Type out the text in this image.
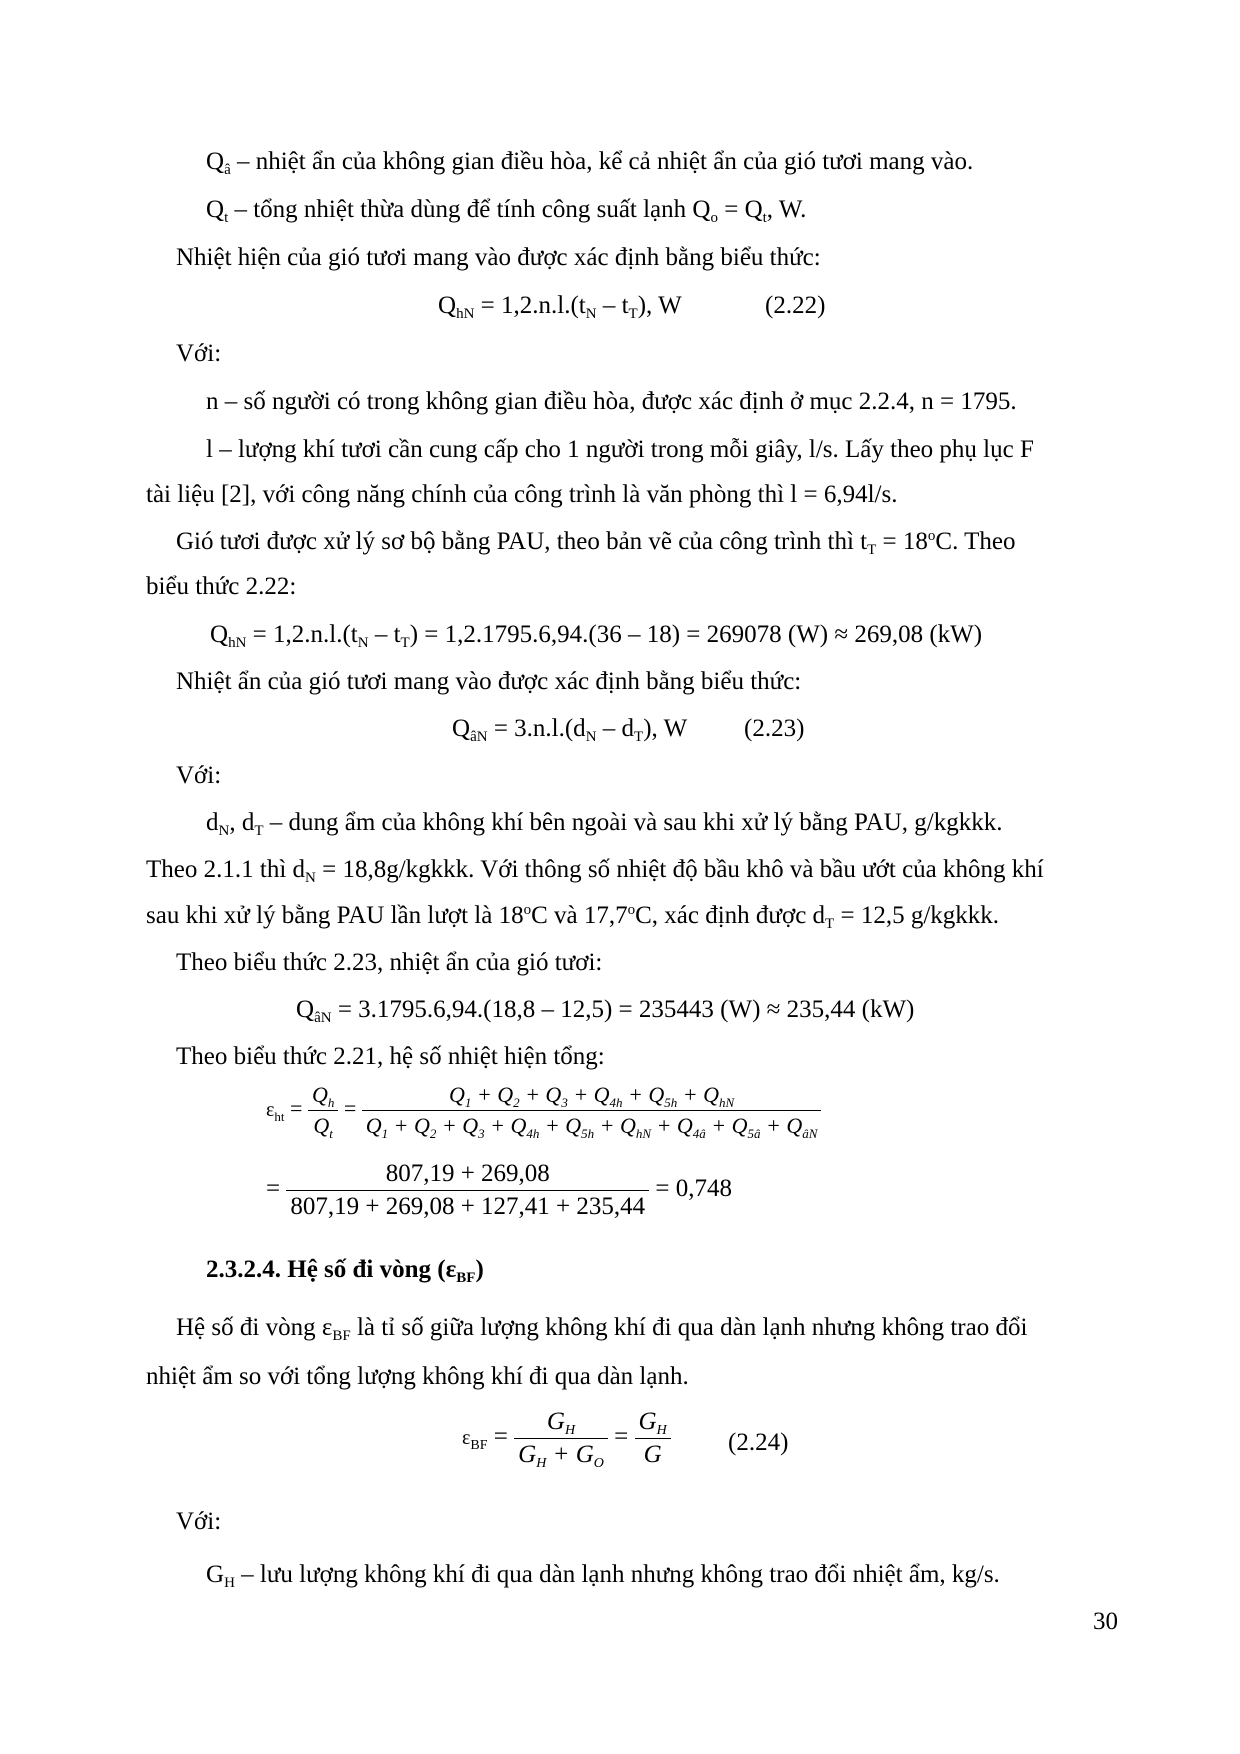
$Q_â$ – nhiệt ẩn của không gian điều hòa, kể cả nhiệt ẩn của gió tươi mang vào.
$Q_t$ – tổng nhiệt thừa dùng để tính công suất lạnh $Q_o = Q_t$, W.
Nhiệt hiện của gió tươi mang vào được xác định bằng biểu thức:
$Q_{hN} = 1,2.n.l.(t_N - t_T)$, W	(2.22)
Với:
n – số người có trong không gian điều hòa, được xác định ở mục 2.2.4, n = 1795.
l – lượng khí tươi cần cung cấp cho 1 người trong mỗi giây, l/s. Lấy theo phụ lục F
tài liệu [2], với công năng chính của công trình là văn phòng thì l = 6,94l/s.
Gió tươi được xử lý sơ bộ bằng PAU, theo bản vẽ của công trình thì $t_T = 18^oC$. Theo
biểu thức 2.22:
$Q_{hN} = 1,2.n.l.(t_N - t_T) = 1,2.1795.6,94.(36 - 18) = 269078$ (W) ≈ 269,08 (kW)
Nhiệt ẩn của gió tươi mang vào được xác định bằng biểu thức:
$Q_{âN} = 3.n.l.(d_N - d_T)$, W (2.23)
Với:
$d_N$, $d_T$ – dung ẩm của không khí bên ngoài và sau khi xử lý bằng PAU, g/kgkkk.
Theo 2.1.1 thì $d_N$ = 18,8g/kgkkk. Với thông số nhiệt độ bầu khô và bầu ướt của không khí
sau khi xử lý bằng PAU lần lượt là 18$^o$C và 17,7$^o$C, xác định được $d_T = 12,5$ g/kgkkk.
Theo biểu thức 2.23, nhiệt ẩn của gió tươi:
$Q_{âN} = 3.1795.6,94.(18,8 - 12,5) = 235443$ (W) ≈ 235,44 (kW)
Theo biểu thức 2.21, hệ số nhiệt hiện tổng:
$\varepsilon_{ht} = \frac{Q_h}{Q_t} = \frac{Q_1 + Q_2 + Q_3 + Q_{4h} + Q_{5h} + Q_{hN}}{Q_1 + Q_2 + Q_3 + Q_{4h} + Q_{5h} + Q_{hN} + Q_{4â} + Q_{5â} + Q_{âN}}$
= $\frac{807,19 + 269,08}{807,19 + 269,08 + 127,41 + 235,44} = 0,748$
2.3.2.4. Hệ số đi vòng $(\varepsilon_{BF})$
Hệ số đi vòng $\varepsilon_{BF}$ là tỉ số giữa lượng không khí đi qua dàn lạnh nhưng không trao đổi
nhiệt ẩm so với tổng lượng không khí đi qua dàn lạnh.
$\varepsilon_{BF} = \frac{G_H}{G_H + G_O} = \frac{G_H}{G} (2.24)$
Với:
$G_H$ – lưu lượng không khí đi qua dàn lạnh nhưng không trao đổi nhiệt ẩm, kg/s.
30
